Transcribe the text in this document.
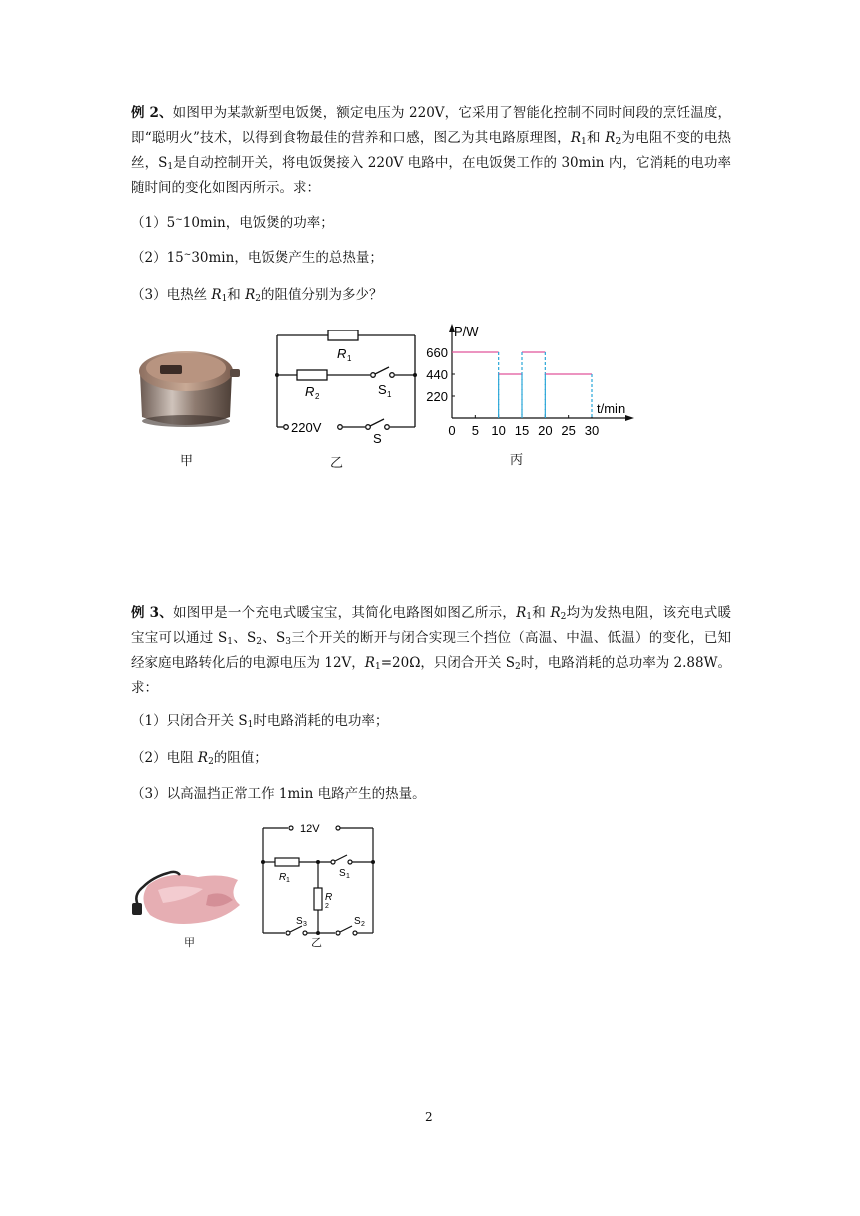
例 2、如图甲为某款新型电饭煲，额定电压为 220V，它采用了智能化控制不同时间段的烹饪温度，即“聪明火”技术，以得到食物最佳的营养和口感，图乙为其电路原理图，$R_1$和 $R_2$为电阻不变的电热丝，$S_1$是自动控制开关，将电饭煲接入 220V 电路中，在电饭煲工作的 30min 内，它消耗的电功率随时间的变化如图丙所示。求：

（1）5~10min，电饭煲的功率；
（2）15~30min，电饭煲产生的总热量；
（3）电热丝 $R_1$和 $R_2$的阻值分别为多少？
甲
R 1
R 2	S 1
220V
S
乙
P/W
t/min
0 5 10 15 20 25 30
220
440
660
丙

例 3、如图甲是一个充电式暖宝宝，其简化电路图如图乙所示，$R_1$和 $R_2$均为发热电阻，该充电式暖宝宝可以通过 $S_1$、$S_2$、$S_3$三个开关的断开与闭合实现三个挡位（高温、中温、低温）的变化，已知经家庭电路转化后的电源电压为 12V，$R_1=20\Omega$，只闭合开关 $S_2$时，电路消耗的总功率为 2.88W。求：

（1）只闭合开关 $S_1$时电路消耗的电功率；
（2）电阻 $R_2$的阻值；
（3）以高温挡正常工作 1min 电路产生的热量。
甲
12V
R 1
R
2
S 1
S 3	S 2
乙
2
